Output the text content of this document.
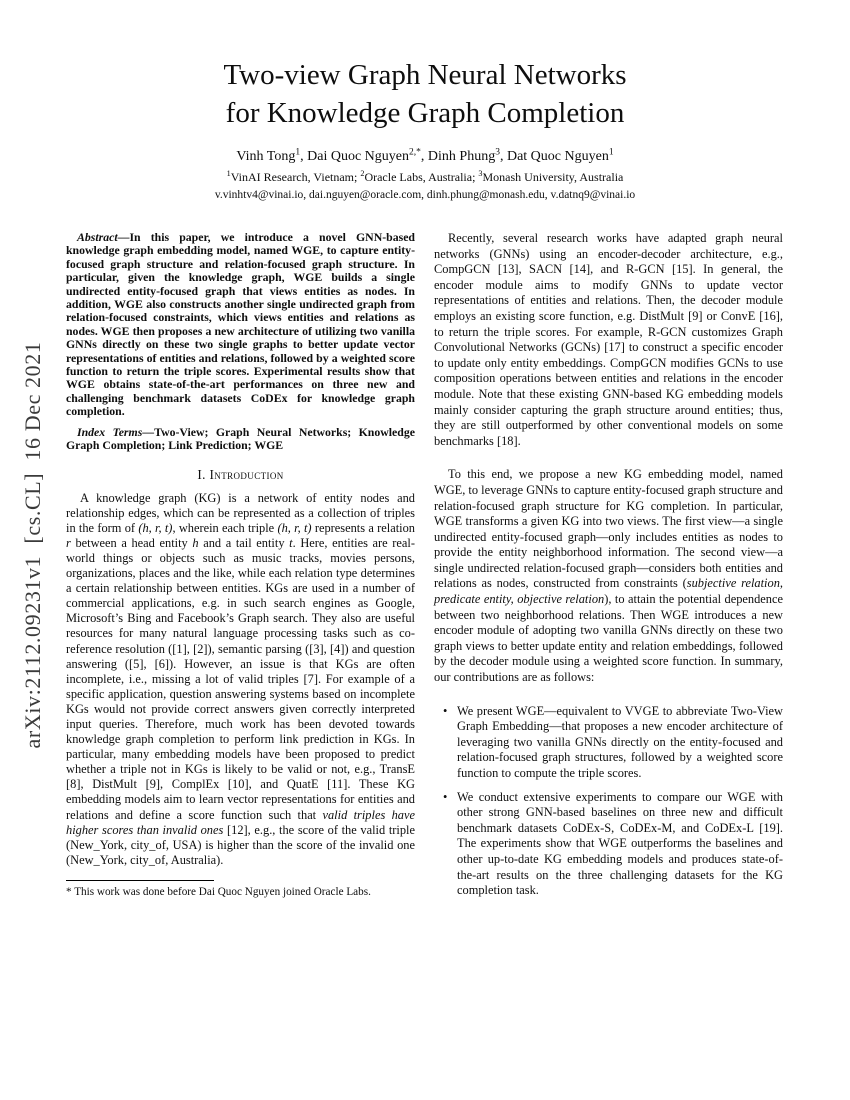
arXiv:2112.09231v1  [cs.CL]  16 Dec 2021
Two-view Graph Neural Networks
for Knowledge Graph Completion
Vinh Tong$^1$, Dai Quoc Nguyen$^{2,*}$, Dinh Phung$^3$, Dat Quoc Nguyen$^1$
$^1$VinAI Research, Vietnam; $^2$Oracle Labs, Australia; $^3$Monash University, Australia
v.vinhtv4@vinai.io, dai.nguyen@oracle.com, dinh.phung@monash.edu, v.datnq9@vinai.io

Abstract—In this paper, we introduce a novel GNN-based knowledge graph embedding model, named WGE, to capture entity-focused graph structure and relation-focused graph structure. In particular, given the knowledge graph, WGE builds a single undirected entity-focused graph that views entities as nodes. In addition, WGE also constructs another single undirected graph from relation-focused constraints, which views entities and relations as nodes. WGE then proposes a new architecture of utilizing two vanilla GNNs directly on these two single graphs to better update vector representations of entities and relations, followed by a weighted score function to return the triple scores. Experimental results show that WGE obtains state-of-the-art performances on three new and challenging benchmark datasets CoDEx for knowledge graph completion.

Index Terms—Two-View; Graph Neural Networks; Knowledge Graph Completion; Link Prediction; WGE

I. Introduction

A knowledge graph (KG) is a network of entity nodes and relationship edges, which can be represented as a collection of triples in the form of (h, r, t), wherein each triple (h, r, t) represents a relation r between a head entity h and a tail entity t. Here, entities are real-world things or objects such as music tracks, movies persons, organizations, places and the like, while each relation type determines a certain relationship between entities. KGs are used in a number of commercial applications, e.g. in such search engines as Google, Microsoft’s Bing and Facebook’s Graph search. They also are useful resources for many natural language processing tasks such as co-reference resolution ([1], [2]), semantic parsing ([3], [4]) and question answering ([5], [6]). However, an issue is that KGs are often incomplete, i.e., missing a lot of valid triples [7]. For example of a specific application, question answering systems based on incomplete KGs would not provide correct answers given correctly interpreted input queries. Therefore, much work has been devoted towards knowledge graph completion to perform link prediction in KGs. In particular, many embedding models have been proposed to predict whether a triple not in KGs is likely to be valid or not, e.g., TransE [8], DistMult [9], ComplEx [10], and QuatE [11]. These KG embedding models aim to learn vector representations for entities and relations and define a score function such that valid triples have higher scores than invalid ones [12], e.g., the score of the valid triple (New_York, city_of, USA) is higher than the score of the invalid one (New_York, city_of, Australia).

* This work was done before Dai Quoc Nguyen joined Oracle Labs.

Recently, several research works have adapted graph neural networks (GNNs) using an encoder-decoder architecture, e.g., CompGCN [13], SACN [14], and R-GCN [15]. In general, the encoder module aims to modify GNNs to update vector representations of entities and relations. Then, the decoder module employs an existing score function, e.g. DistMult [9] or ConvE [16], to return the triple scores. For example, R-GCN customizes Graph Convolutional Networks (GCNs) [17] to construct a specific encoder to update only entity embeddings. CompGCN modifies GCNs to use composition operations between entities and relations in the encoder module. Note that these existing GNN-based KG embedding models mainly consider capturing the graph structure around entities; thus, they are still outperformed by other conventional models on some benchmarks [18].

To this end, we propose a new KG embedding model, named WGE, to leverage GNNs to capture entity-focused graph structure and relation-focused graph structure for KG completion. In particular, WGE transforms a given KG into two views. The first view—a single undirected entity-focused graph—only includes entities as nodes to provide the entity neighborhood information. The second view—a single undirected relation-focused graph—considers both entities and relations as nodes, constructed from constraints (subjective relation, predicate entity, objective relation), to attain the potential dependence between two neighborhood relations. Then WGE introduces a new encoder module of adopting two vanilla GNNs directly on these two graph views to better update entity and relation embeddings, followed by the decoder module using a weighted score function. In summary, our contributions are as follows:

• We present WGE—equivalent to VVGE to abbreviate Two-View Graph Embedding—that proposes a new encoder architecture of leveraging two vanilla GNNs directly on the entity-focused and relation-focused graph structures, followed by a weighted score function to compute the triple scores.
• We conduct extensive experiments to compare our WGE with other strong GNN-based baselines on three new and difficult benchmark datasets CoDEx-S, CoDEx-M, and CoDEx-L [19]. The experiments show that WGE outperforms the baselines and other up-to-date KG embedding models and produces state-of-the-art results on the three challenging datasets for the KG completion task.
